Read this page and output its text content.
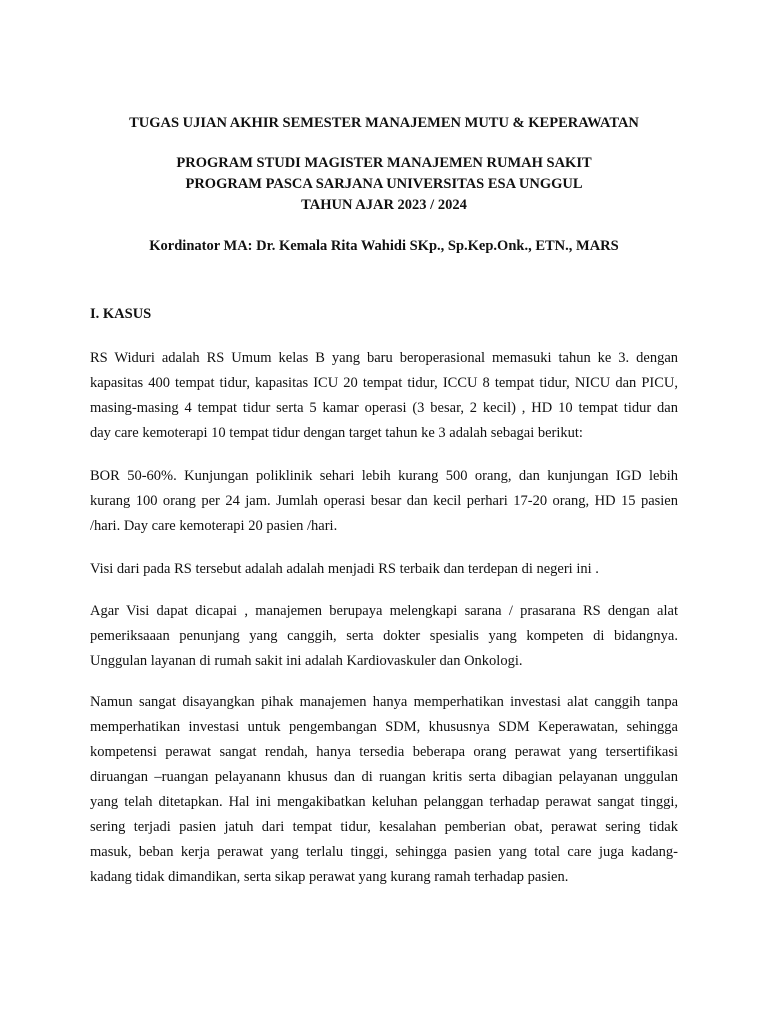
TUGAS UJIAN AKHIR SEMESTER MANAJEMEN MUTU & KEPERAWATAN

PROGRAM STUDI MAGISTER MANAJEMEN RUMAH SAKIT

PROGRAM PASCA SARJANA UNIVERSITAS ESA UNGGUL

TAHUN AJAR 2023 / 2024

Kordinator MA: Dr. Kemala Rita Wahidi SKp., Sp.Kep.Onk., ETN., MARS

I. KASUS

RS Widuri adalah RS Umum kelas B yang baru beroperasional memasuki tahun ke 3. dengan
kapasitas 400 tempat tidur, kapasitas ICU 20 tempat tidur, ICCU 8 tempat tidur, NICU dan PICU,
masing-masing 4 tempat tidur serta 5 kamar operasi (3 besar, 2 kecil) , HD 10 tempat tidur dan
day care kemoterapi 10 tempat tidur dengan target tahun ke 3 adalah sebagai berikut:
BOR 50-60%. Kunjungan poliklinik sehari lebih kurang 500 orang, dan kunjungan IGD lebih
kurang 100 orang per 24 jam. Jumlah operasi besar dan kecil perhari 17-20 orang, HD 15 pasien
/hari. Day care kemoterapi 20 pasien /hari.
Visi dari pada RS tersebut adalah adalah menjadi RS terbaik dan terdepan di negeri ini .
Agar Visi dapat dicapai , manajemen berupaya melengkapi sarana / prasarana RS dengan alat
pemeriksaaan penunjang yang canggih, serta dokter spesialis yang kompeten di bidangnya.
Unggulan layanan di rumah sakit ini adalah Kardiovaskuler dan Onkologi.
Namun sangat disayangkan pihak manajemen hanya memperhatikan investasi alat canggih tanpa
memperhatikan investasi untuk pengembangan SDM, khususnya SDM Keperawatan, sehingga
kompetensi perawat sangat rendah, hanya tersedia beberapa orang perawat yang tersertifikasi
diruangan –ruangan pelayanann khusus dan di ruangan kritis serta dibagian pelayanan unggulan
yang telah ditetapkan. Hal ini mengakibatkan keluhan pelanggan terhadap perawat sangat tinggi,
sering terjadi pasien jatuh dari tempat tidur, kesalahan pemberian obat, perawat sering tidak
masuk, beban kerja perawat yang terlalu tinggi, sehingga pasien yang total care juga kadang-
kadang tidak dimandikan, serta sikap perawat yang kurang ramah terhadap pasien.
